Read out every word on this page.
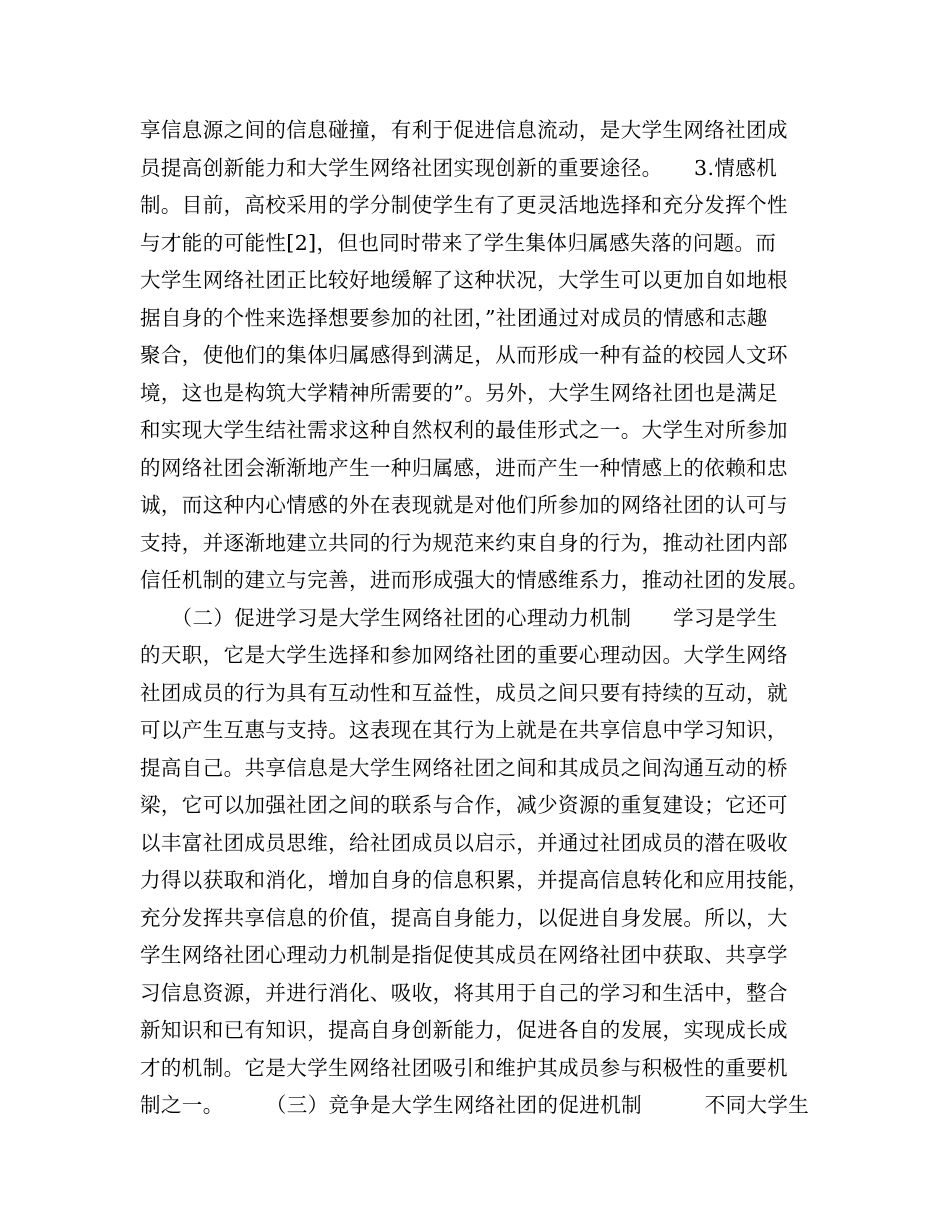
享信息源之间的信息碰撞，有利于促进信息流动，是大学生网络社团成
员提高创新能力和大学生网络社团实现创新的重要途径。　　3.情感机
制。目前，高校采用的学分制使学生有了更灵活地选择和充分发挥个性
与才能的可能性[2]，但也同时带来了学生集体归属感失落的问题。而
大学生网络社团正比较好地缓解了这种状况，大学生可以更加自如地根
据自身的个性来选择想要参加的社团，”社团通过对成员的情感和志趣
聚合，使他们的集体归属感得到满足，从而形成一种有益的校园人文环
境，这也是构筑大学精神所需要的”。另外，大学生网络社团也是满足
和实现大学生结社需求这种自然权利的最佳形式之一。大学生对所参加
的网络社团会渐渐地产生一种归属感，进而产生一种情感上的依赖和忠
诚，而这种内心情感的外在表现就是对他们所参加的网络社团的认可与
支持，并逐渐地建立共同的行为规范来约束自身的行为，推动社团内部
信任机制的建立与完善，进而形成强大的情感维系力，推动社团的发展。
　　（二）促进学习是大学生网络社团的心理动力机制　　学习是学生
的天职，它是大学生选择和参加网络社团的重要心理动因。大学生网络
社团成员的行为具有互动性和互益性，成员之间只要有持续的互动，就
可以产生互惠与支持。这表现在其行为上就是在共享信息中学习知识，
提高自己。共享信息是大学生网络社团之间和其成员之间沟通互动的桥
梁，它可以加强社团之间的联系与合作，减少资源的重复建设；它还可
以丰富社团成员思维，给社团成员以启示，并通过社团成员的潜在吸收
力得以获取和消化，增加自身的信息积累，并提高信息转化和应用技能，
充分发挥共享信息的价值，提高自身能力，以促进自身发展。所以，大
学生网络社团心理动力机制是指促使其成员在网络社团中获取、共享学
习信息资源，并进行消化、吸收，将其用于自己的学习和生活中，整合
新知识和已有知识，提高自身创新能力，促进各自的发展，实现成长成
才的机制。它是大学生网络社团吸引和维护其成员参与积极性的重要机
制之一。　　　（三）竞争是大学生网络社团的促进机制　　　不同大学生
